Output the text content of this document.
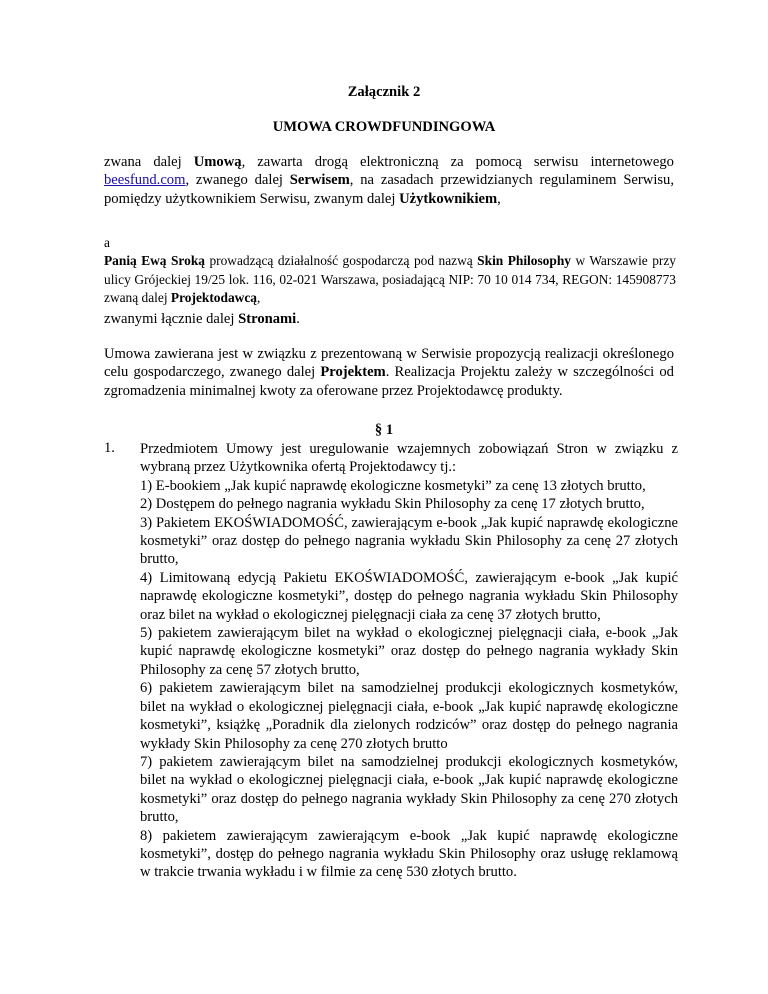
Załącznik 2
UMOWA CROWDFUNDINGOWA

zwana dalej Umową, zawarta drogą elektroniczną za pomocą serwisu internetowego beesfund.com, zwanego dalej Serwisem, na zasadach przewidzianych regulaminem Serwisu, pomiędzy użytkownikiem Serwisu, zwanym dalej Użytkownikiem,

a

Panią Ewą Sroką prowadzącą działalność gospodarczą pod nazwą Skin Philosophy w Warszawie przy ulicy Grójeckiej 19/25 lok. 116, 02-021 Warszawa, posiadającą NIP: 70 10 014 734, REGON: 145908773 zwaną dalej Projektodawcą,

zwanymi łącznie dalej Stronami.

Umowa zawierana jest w związku z prezentowaną w Serwisie propozycją realizacji określonego celu gospodarczego, zwanego dalej Projektem. Realizacja Projektu zależy w szczególności od zgromadzenia minimalnej kwoty za oferowane przez Projektodawcę produkty.

§ 1
1. Przedmiotem Umowy jest uregulowanie wzajemnych zobowiązań Stron w związku z wybraną przez Użytkownika ofertą Projektodawcy tj.:

1) E-bookiem „Jak kupić naprawdę ekologiczne kosmetyki” za cenę 13 złotych brutto,

2) Dostępem do pełnego nagrania wykładu Skin Philosophy za cenę 17 złotych brutto,

3) Pakietem EKOŚWIADOMOŚĆ, zawierającym e-book „Jak kupić naprawdę ekologiczne kosmetyki” oraz dostęp do pełnego nagrania wykładu Skin Philosophy za cenę 27 złotych brutto,

4) Limitowaną edycją Pakietu EKOŚWIADOMOŚĆ, zawierającym e-book „Jak kupić naprawdę ekologiczne kosmetyki”, dostęp do pełnego nagrania wykładu Skin Philosophy oraz bilet na wykład o ekologicznej pielęgnacji ciała za cenę 37 złotych brutto,

5) pakietem zawierającym bilet na wykład o ekologicznej pielęgnacji ciała, e-book „Jak kupić naprawdę ekologiczne kosmetyki” oraz dostęp do pełnego nagrania wykłady Skin Philosophy za cenę 57 złotych brutto,

6) pakietem zawierającym bilet na samodzielnej produkcji ekologicznych kosmetyków, bilet na wykład o ekologicznej pielęgnacji ciała, e-book „Jak kupić naprawdę ekologiczne kosmetyki”, książkę „Poradnik dla zielonych rodziców” oraz dostęp do pełnego nagrania wykłady Skin Philosophy za cenę 270 złotych brutto

7) pakietem zawierającym bilet na samodzielnej produkcji ekologicznych kosmetyków, bilet na wykład o ekologicznej pielęgnacji ciała, e-book „Jak kupić naprawdę ekologiczne kosmetyki” oraz dostęp do pełnego nagrania wykłady Skin Philosophy za cenę 270 złotych brutto,

8) pakietem zawierającym zawierającym e-book „Jak kupić naprawdę ekologiczne kosmetyki”, dostęp do pełnego nagrania wykładu Skin Philosophy oraz usługę reklamową w trakcie trwania wykładu i w filmie za cenę 530 złotych brutto.
